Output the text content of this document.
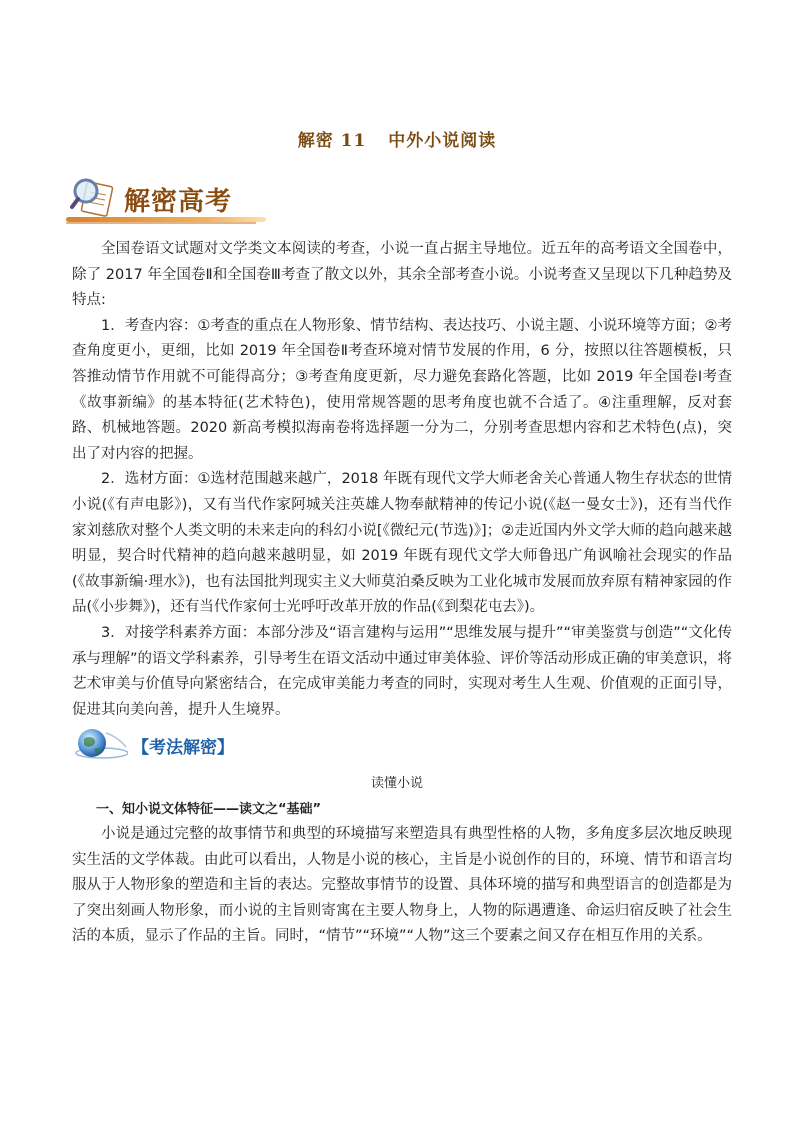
解密 11 中外小说阅读
解密高考

全国卷语文试题对文学类文本阅读的考查，小说一直占据主导地位。近五年的高考语文全国卷中，除了 2017 年全国卷Ⅱ和全国卷Ⅲ考查了散文以外，其余全部考查小说。小说考查又呈现以下几种趋势及特点:

1．考查内容：①考查的重点在人物形象、情节结构、表达技巧、小说主题、小说环境等方面；②考查角度更小，更细，比如 2019 年全国卷Ⅱ考查环境对情节发展的作用，6 分，按照以往答题模板，只答推动情节作用就不可能得高分；③考查角度更新，尽力避免套路化答题，比如 2019 年全国卷Ⅰ考查《故事新编》的基本特征(艺术特色)，使用常规答题的思考角度也就不合适了。④注重理解，反对套路、机械地答题。2020 新高考模拟海南卷将选择题一分为二，分别考查思想内容和艺术特色(点)，突出了对内容的把握。

2．选材方面：①选材范围越来越广，2018 年既有现代文学大师老舍关心普通人物生存状态的世情小说(《有声电影》)，又有当代作家阿城关注英雄人物奉献精神的传记小说(《赵一曼女士》)，还有当代作家刘慈欣对整个人类文明的未来走向的科幻小说[《微纪元(节选)》]；②走近国内外文学大师的趋向越来越明显，契合时代精神的趋向越来越明显，如 2019 年既有现代文学大师鲁迅广角讽喻社会现实的作品(《故事新编·理水》)，也有法国批判现实主义大师莫泊桑反映为工业化城市发展而放弃原有精神家园的作品(《小步舞》)，还有当代作家何士光呼吁改革开放的作品(《到梨花屯去》)。

3．对接学科素养方面：本部分涉及“语言建构与运用”“思维发展与提升”“审美鉴赏与创造”“文化传承与理解”的语文学科素养，引导考生在语文活动中通过审美体验、评价等活动形成正确的审美意识，将艺术审美与价值导向紧密结合，在完成审美能力考查的同时，实现对考生人生观、价值观的正面引导，促进其向美向善，提升人生境界。

【考法解密】
读懂小说
一、知小说文体特征——读文之“基础”

小说是通过完整的故事情节和典型的环境描写来塑造具有典型性格的人物，多角度多层次地反映现实生活的文学体裁。由此可以看出，人物是小说的核心，主旨是小说创作的目的，环境、情节和语言均服从于人物形象的塑造和主旨的表达。完整故事情节的设置、具体环境的描写和典型语言的创造都是为了突出刻画人物形象，而小说的主旨则寄寓在主要人物身上，人物的际遇遭逢、命运归宿反映了社会生活的本质，显示了作品的主旨。同时，“情节”“环境”“人物”这三个要素之间又存在相互作用的关系。
